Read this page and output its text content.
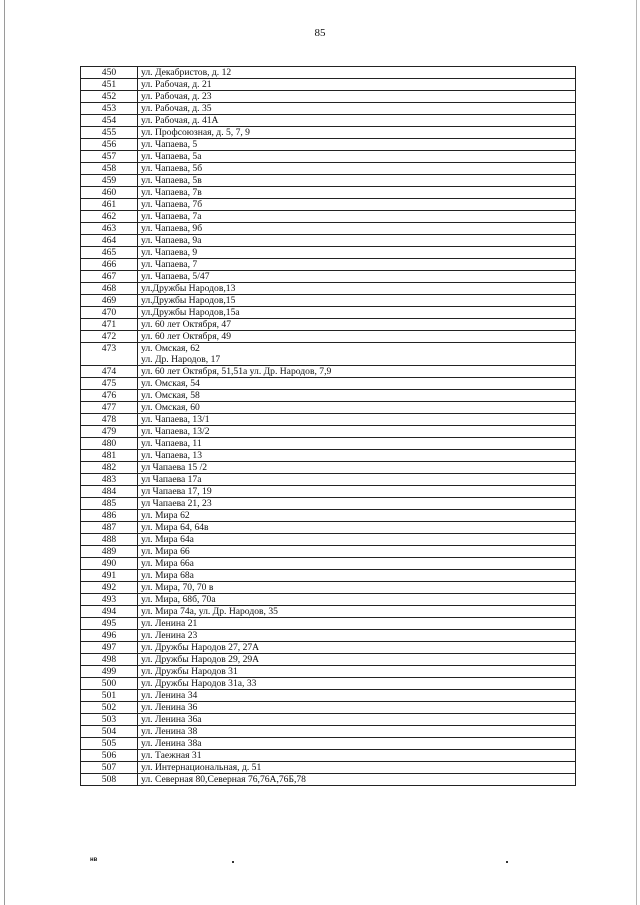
85
450	ул. Декабристов, д. 12

451	ул. Рабочая, д. 21

452	ул. Рабочая, д. 23

453	ул. Рабочая, д. 35

454	ул. Рабочая, д. 41А

455	ул. Профсоюзная, д. 5, 7, 9

456	ул. Чапаева, 5

457	ул. Чапаева, 5а

458	ул. Чапаева, 5б

459	ул. Чапаева, 5в

460	ул. Чапаева, 7в

461	ул. Чапаева, 7б

462	ул. Чапаева, 7а

463	ул. Чапаева, 9б

464	ул. Чапаева, 9а

465	ул. Чапаева, 9

466	ул. Чапаева, 7

467	ул. Чапаева, 5/47

468	ул.Дружбы Народов,13

469	ул.Дружбы Народов,15

470	ул.Дружбы Народов,15а

471	ул. 60 лет Октября, 47

472	ул. 60 лет Октября, 49

473	ул. Омская, 62
ул. Др. Народов, 17

474	ул. 60 лет Октября, 51,51а ул. Др. Народов, 7,9

475	ул. Омская, 54

476	ул. Омская, 58

477	ул. Омская, 60

478	ул. Чапаева, 13/1

479	ул. Чапаева, 13/2

480	ул. Чапаева, 11

481	ул. Чапаева, 13

482	ул Чапаева 15 /2

483	ул Чапаева 17а

484	ул Чапаева 17, 19

485	ул Чапаева 21, 23

486	ул. Мира 62

487	ул. Мира 64, 64в

488	ул. Мира 64а

489	ул. Мира 66

490	ул. Мира 66а

491	ул. Мира 68а

492	ул. Мира, 70, 70 в

493	ул. Мира, 68б, 70а

494	ул. Мира 74а, ул. Др. Народов, 35

495	ул. Ленина 21

496	ул. Ленина 23

497	ул. Дружбы Народов 27, 27А

498	ул. Дружбы Народов 29, 29А

499	ул. Дружбы Народов 31

500	ул. Дружбы Народов 31а, 33

501	ул. Ленина 34

502	ул. Ленина 36

503	ул. Ленина 36а

504	ул. Ленина 38

505	ул. Ленина 38а

506	ул. Таежная 31

507	ул. Интернациональная, д. 51

508	ул. Северная 80,Северная 76,76А,76Б,78
нв
